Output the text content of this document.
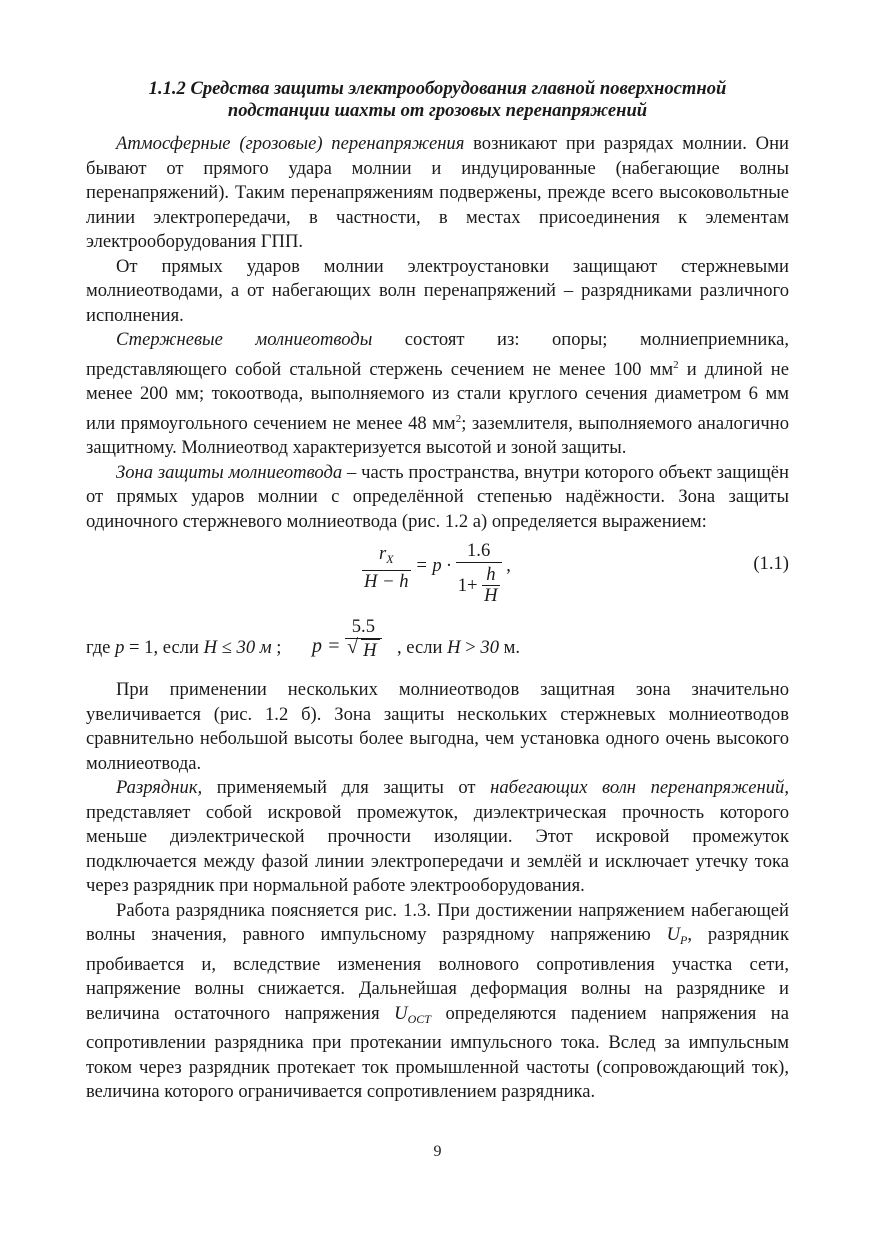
1.1.2 Средства защиты электрооборудования главной поверхностной
подстанции шахты от грозовых перенапряжений

Атмосферные (грозовые) перенапряжения возникают при разрядах молнии. Они бывают от прямого удара молнии и индуцированные (набегающие волны перенапряжений). Таким перенапряжениям подвержены, прежде всего высоковольтные линии электропередачи, в частности, в местах присоединения к элементам электрооборудования ГПП.

От прямых ударов молнии электроустановки защищают стержневыми молниеотводами, а от набегающих волн перенапряжений – разрядниками различного исполнения.

Стержневые молниеотводы состоят из: опоры; молниеприемника, представляющего собой стальной стержень сечением не менее 100 $мм^2$ и длиной не менее 200 мм; токоотвода, выполняемого из стали круглого сечения диаметром 6 мм или прямоугольного сечением не менее 48 $мм^2$; заземлителя, выполняемого аналогично защитному. Молниеотвод характеризуется высотой и зоной защиты.

Зона защиты молниеотвода – часть пространства, внутри которого объект защищён от прямых ударов молнии с определённой степенью надёжности. Зона защиты одиночного стержневого молниеотвода (рис. 1.2 а) определяется выражением:

$\frac{r_X}{H - h} = p \cdot \frac{1.6}{1+ \frac{h}{H}}$ ,	(1.1)
где p = 1, если H ≤ 30 м ; p = 5.5
√ H , если H > 30 м.

При применении нескольких молниеотводов защитная зона значительно увеличивается (рис. 1.2 б). Зона защиты нескольких стержневых молниеотводов сравнительно небольшой высоты более выгодна, чем установка одного очень высокого молниеотвода.

Разрядник, применяемый для защиты от набегающих волн перенапряжений, представляет собой искровой промежуток, диэлектрическая прочность которого меньше диэлектрической прочности изоляции. Этот искровой промежуток подключается между фазой линии электропередачи и землёй и исключает утечку тока через разрядник при нормальной работе электрооборудования.

Работа разрядника поясняется рис. 1.3. При достижении напряжением набегающей волны значения, равного импульсному разрядному напряжению $U_P$, разрядник пробивается и, вследствие изменения волнового сопротивления участка сети, напряжение волны снижается. Дальнейшая деформация волны на разряднике и величина остаточного напряжения $U_{OCT}$ определяются падением напряжения на сопротивлении разрядника при протекании импульсного тока. Вслед за импульсным током через разрядник протекает ток промышленной частоты (сопровождающий ток), величина которого ограничивается сопротивлением разрядника.

9
